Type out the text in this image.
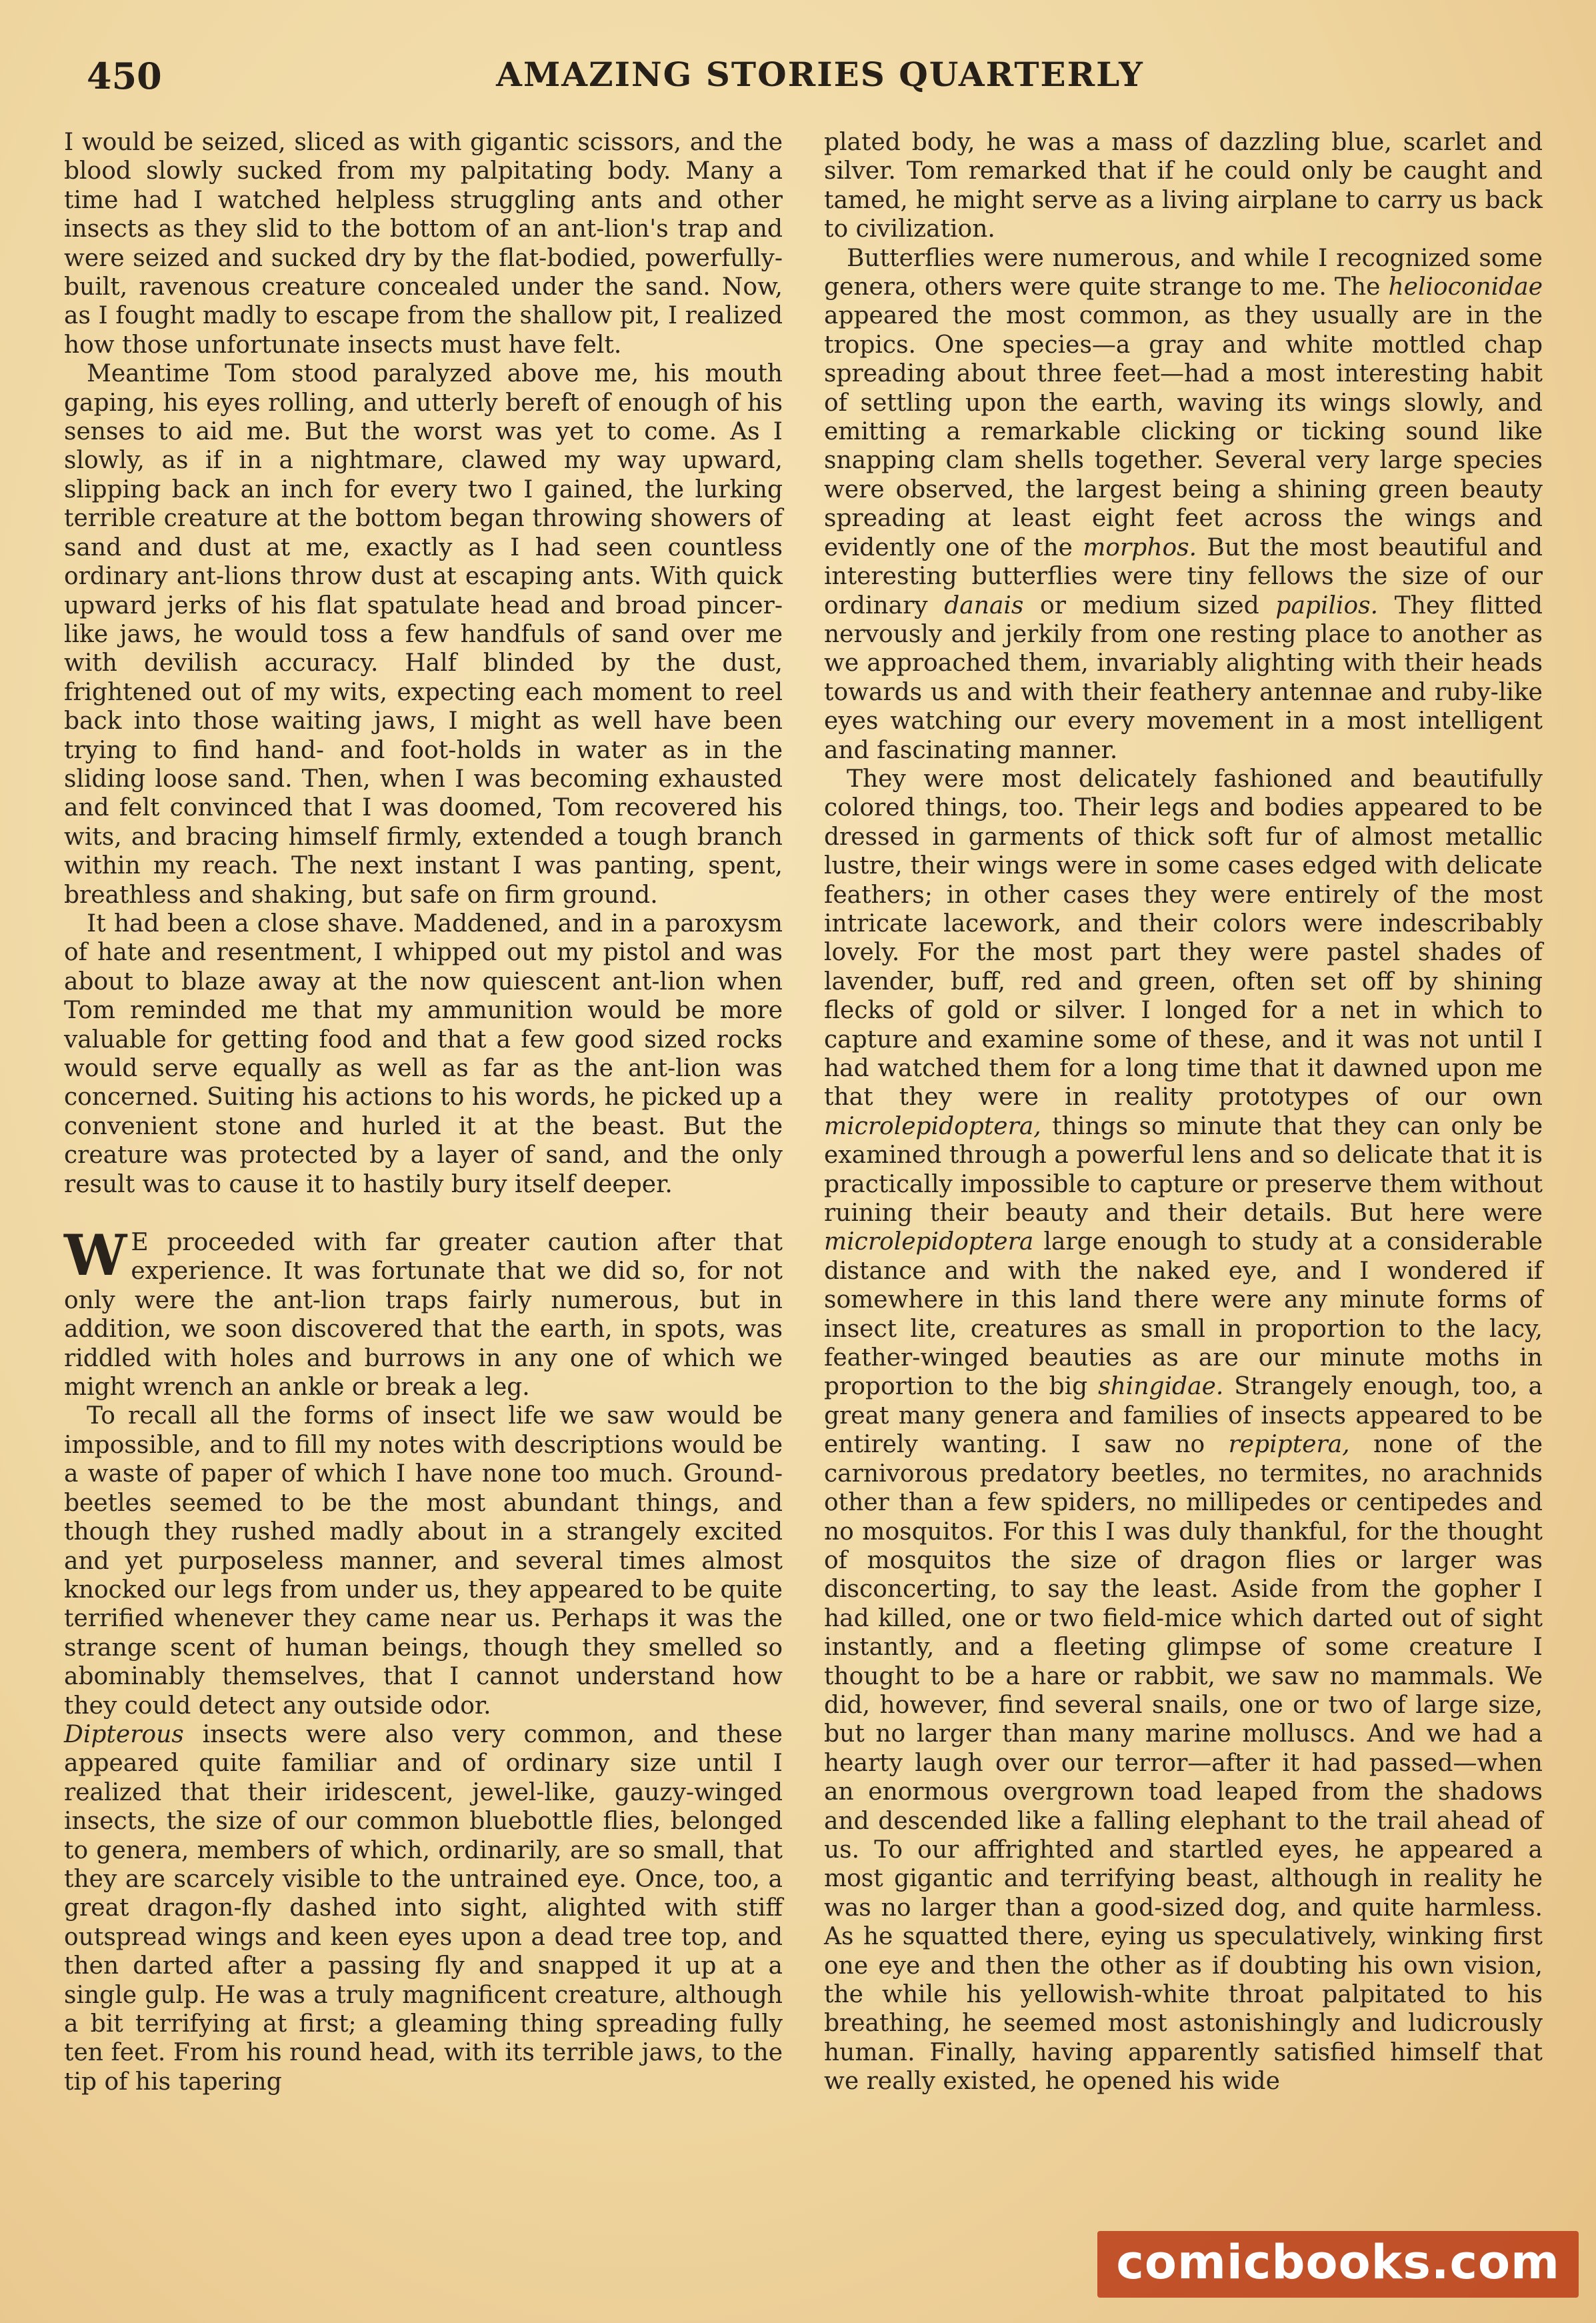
450	AMAZING STORIES QUARTERLY

I would be seized, sliced as with gigantic scissors, and the blood slowly sucked from my palpitating body. Many a time had I watched helpless struggling ants and other insects as they slid to the bottom of an ant-lion's trap and were seized and sucked dry by the flat-bodied, powerfully-built, ravenous creature concealed under the sand. Now, as I fought madly to escape from the shallow pit, I realized how those unfortunate insects must have felt.

Meantime Tom stood paralyzed above me, his mouth gaping, his eyes rolling, and utterly bereft of enough of his senses to aid me. But the worst was yet to come. As I slowly, as if in a nightmare, clawed my way upward, slipping back an inch for every two I gained, the lurking terrible creature at the bottom began throwing showers of sand and dust at me, exactly as I had seen countless ordinary ant-lions throw dust at escaping ants. With quick upward jerks of his flat spatulate head and broad pincer-like jaws, he would toss a few handfuls of sand over me with devilish accuracy. Half blinded by the dust, frightened out of my wits, expecting each moment to reel back into those waiting jaws, I might as well have been trying to find hand- and foot-holds in water as in the sliding loose sand. Then, when I was becoming exhausted and felt convinced that I was doomed, Tom recovered his wits, and bracing himself firmly, extended a tough branch within my reach. The next instant I was panting, spent, breathless and shaking, but safe on firm ground.

It had been a close shave. Maddened, and in a paroxysm of hate and resentment, I whipped out my pistol and was about to blaze away at the now quiescent ant-lion when Tom reminded me that my ammunition would be more valuable for getting food and that a few good sized rocks would serve equally as well as far as the ant-lion was concerned. Suiting his actions to his words, he picked up a convenient stone and hurled it at the beast. But the creature was protected by a layer of sand, and the only result was to cause it to hastily bury itself deeper.

W E proceeded with far greater caution after that experience. It was fortunate that we did so, for not only were the ant-lion traps fairly numerous, but in addition, we soon discovered that the earth, in spots, was riddled with holes and burrows in any one of which we might wrench an ankle or break a leg.

To recall all the forms of insect life we saw would be impossible, and to fill my notes with descriptions would be a waste of paper of which I have none too much. Ground-beetles seemed to be the most abundant things, and though they rushed madly about in a strangely excited and yet purposeless manner, and several times almost knocked our legs from under us, they appeared to be quite terrified whenever they came near us. Perhaps it was the strange scent of human beings, though they smelled so abominably themselves, that I cannot understand how they could detect any outside odor.

Dipterous insects were also very common, and these appeared quite familiar and of ordinary size until I realized that their iridescent, jewel-like, gauzy-winged insects, the size of our common bluebottle flies, belonged to genera, members of which, ordinarily, are so small, that they are scarcely visible to the untrained eye. Once, too, a great dragon-fly dashed into sight, alighted with stiff outspread wings and keen eyes upon a dead tree top, and then darted after a passing fly and snapped it up at a single gulp. He was a truly magnificent creature, although a bit terrifying at first; a gleaming thing spreading fully ten feet. From his round head, with its terrible jaws, to the tip of his tapering

plated body, he was a mass of dazzling blue, scarlet and silver. Tom remarked that if he could only be caught and tamed, he might serve as a living airplane to carry us back to civilization.

Butterflies were numerous, and while I recognized some genera, others were quite strange to me. The helioconidae appeared the most common, as they usually are in the tropics. One species—a gray and white mottled chap spreading about three feet—had a most interesting habit of settling upon the earth, waving its wings slowly, and emitting a remarkable clicking or ticking sound like snapping clam shells together. Several very large species were observed, the largest being a shining green beauty spreading at least eight feet across the wings and evidently one of the morphos. But the most beautiful and interesting butterflies were tiny fellows the size of our ordinary danais or medium sized papilios. They flitted nervously and jerkily from one resting place to another as we approached them, invariably alighting with their heads towards us and with their feathery antennae and ruby-like eyes watching our every movement in a most intelligent and fascinating manner.

They were most delicately fashioned and beautifully colored things, too. Their legs and bodies appeared to be dressed in garments of thick soft fur of almost metallic lustre, their wings were in some cases edged with delicate feathers; in other cases they were entirely of the most intricate lacework, and their colors were indescribably lovely. For the most part they were pastel shades of lavender, buff, red and green, often set off by shining flecks of gold or silver. I longed for a net in which to capture and examine some of these, and it was not until I had watched them for a long time that it dawned upon me that they were in reality prototypes of our own microlepidoptera, things so minute that they can only be examined through a powerful lens and so delicate that it is practically impossible to capture or preserve them without ruining their beauty and their details. But here were microlepidoptera large enough to study at a considerable distance and with the naked eye, and I wondered if somewhere in this land there were any minute forms of insect lite, creatures as small in proportion to the lacy, feather-winged beauties as are our minute moths in proportion to the big shingidae. Strangely enough, too, a great many genera and families of insects appeared to be entirely wanting. I saw no repiptera, none of the carnivorous predatory beetles, no termites, no arachnids other than a few spiders, no millipedes or centipedes and no mosquitos. For this I was duly thankful, for the thought of mosquitos the size of dragon flies or larger was disconcerting, to say the least. Aside from the gopher I had killed, one or two field-mice which darted out of sight instantly, and a fleeting glimpse of some creature I thought to be a hare or rabbit, we saw no mammals. We did, however, find several snails, one or two of large size, but no larger than many marine molluscs. And we had a hearty laugh over our terror—after it had passed—when an enormous overgrown toad leaped from the shadows and descended like a falling elephant to the trail ahead of us. To our affrighted and startled eyes, he appeared a most gigantic and terrifying beast, although in reality he was no larger than a good-sized dog, and quite harmless. As he squatted there, eying us speculatively, winking first one eye and then the other as if doubting his own vision, the while his yellowish-white throat palpitated to his breathing, he seemed most astonishingly and ludicrously human. Finally, having apparently satisfied himself that we really existed, he opened his wide

comicbooks.com
